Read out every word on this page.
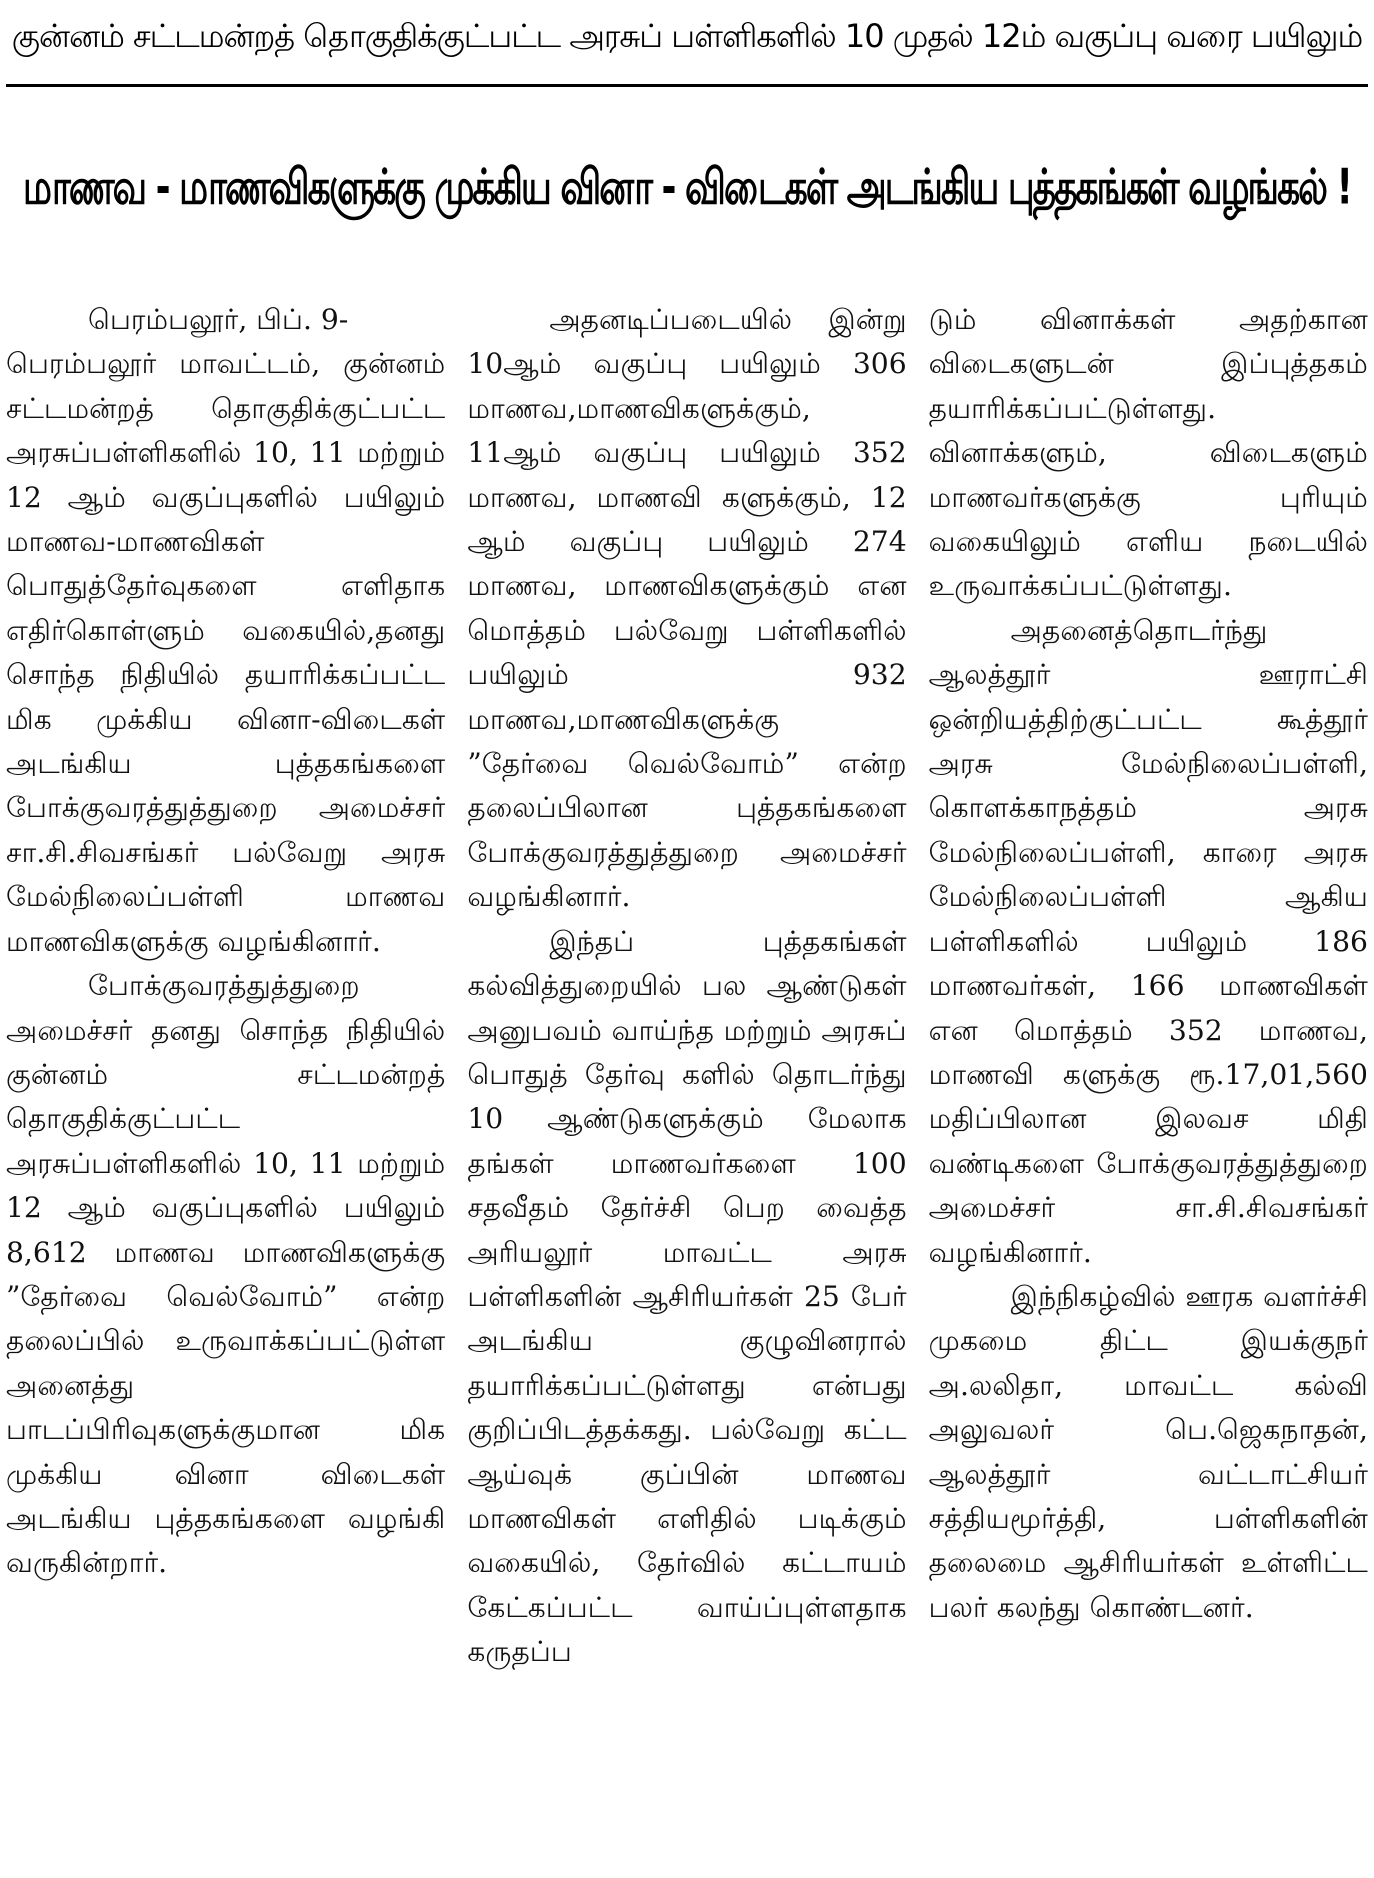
குன்னம் சட்டமன்றத் தொகுதிக்குட்பட்ட அரசுப் பள்ளிகளில் 10 முதல் 12ம் வகுப்பு வரை பயிலும்
மாணவ - மாணவிகளுக்கு முக்கிய வினா - விடைகள் அடங்கிய புத்தகங்கள் வழங்கல் !

பெரம்பலூர், பிப். 9-

பெரம்பலூர் மாவட்டம், குன்னம் சட்டமன்றத் தொகுதிக்குட்பட்ட அரசுப்பள்ளிகளில் 10, 11 மற்றும் 12 ஆம் வகுப்புகளில் பயிலும் மாணவ-மாணவிகள் பொதுத்தேர்வுகளை எளிதாக எதிர்கொள்ளும் வகையில்,தனது சொந்த நிதியில் தயாரிக்கப்பட்ட மிக முக்கிய வினா-விடைகள் அடங்கிய புத்தகங்களை போக்குவரத்துத்துறை அமைச்சர் சா.சி.சிவசங்கர் பல்வேறு அரசு மேல்நிலைப்பள்ளி மாணவ மாணவிகளுக்கு வழங்கினார்.

போக்குவரத்துத்துறை அமைச்சர் தனது சொந்த நிதியில் குன்னம் சட்டமன்றத் தொகுதிக்குட்பட்ட அரசுப்பள்ளிகளில் 10, 11 மற்றும் 12 ஆம் வகுப்புகளில் பயிலும் 8,612 மாணவ மாணவிகளுக்கு ”தேர்வை வெல்வோம்” என்ற தலைப்பில் உருவாக்கப்பட்டுள்ள அனைத்து பாடப்பிரிவுகளுக்குமான மிக முக்கிய வினா விடைகள் அடங்கிய புத்தகங்களை வழங்கி வருகின்றார்.

அதனடிப்படையில் இன்று 10ஆம் வகுப்பு பயிலும் 306 மாணவ,மாணவிகளுக்கும், 11ஆம் வகுப்பு பயிலும் 352 மாணவ, மாணவி களுக்கும், 12 ஆம் வகுப்பு பயிலும் 274 மாணவ, மாணவிகளுக்கும் என மொத்தம் பல்வேறு பள்ளிகளில் பயிலும் 932 மாணவ,மாணவிகளுக்கு ”தேர்வை வெல்வோம்” என்ற தலைப்பிலான புத்தகங்களை போக்குவரத்துத்துறை அமைச்சர் வழங்கினார்.

இந்தப் புத்தகங்கள் கல்வித்துறையில் பல ஆண்டுகள் அனுபவம் வாய்ந்த மற்றும் அரசுப் பொதுத் தேர்வு களில் தொடர்ந்து 10 ஆண்டுகளுக்கும் மேலாக தங்கள் மாணவர்களை 100 சதவீதம் தேர்ச்சி பெற வைத்த அரியலூர் மாவட்ட அரசு பள்ளிகளின் ஆசிரியர்கள் 25 பேர் அடங்கிய குழுவினரால் தயாரிக்கப்பட்டுள்ளது என்பது குறிப்பிடத்தக்கது. பல்வேறு கட்ட ஆய்வுக் குப்பின் மாணவ மாணவிகள் எளிதில் படிக்கும் வகையில், தேர்வில் கட்டாயம் கேட்கப்பட்ட வாய்ப்புள்ளதாக கருதப்ப

டும் வினாக்கள் அதற்கான விடைகளுடன் இப்புத்தகம் தயாரிக்கப்பட்டுள்ளது. வினாக்களும், விடைகளும் மாணவர்களுக்கு புரியும் வகையிலும் எளிய நடையில் உருவாக்கப்பட்டுள்ளது.

அதனைத்தொடர்ந்து ஆலத்தூர் ஊராட்சி ஒன்றியத்திற்குட்பட்ட கூத்தூர் அரசு மேல்நிலைப்பள்ளி, கொளக்காநத்தம் அரசு மேல்நிலைப்பள்ளி, காரை அரசு மேல்நிலைப்பள்ளி ஆகிய பள்ளிகளில் பயிலும் 186 மாணவர்கள், 166 மாணவிகள் என மொத்தம் 352 மாணவ, மாணவி களுக்கு ரூ.17,01,560 மதிப்பிலான இலவச மிதி வண்டிகளை போக்குவரத்துத்துறை அமைச்சர் சா.சி.சிவசங்கர் வழங்கினார்.

இந்நிகழ்வில் ஊரக வளர்ச்சி முகமை திட்ட இயக்குநர் அ.லலிதா, மாவட்ட கல்வி அலுவலர் பெ.ஜெகநாதன், ஆலத்தூர் வட்டாட்சியர் சத்தியமூர்த்தி, பள்ளிகளின் தலைமை ஆசிரியர்கள் உள்ளிட்ட பலர் கலந்து கொண்டனர்.
